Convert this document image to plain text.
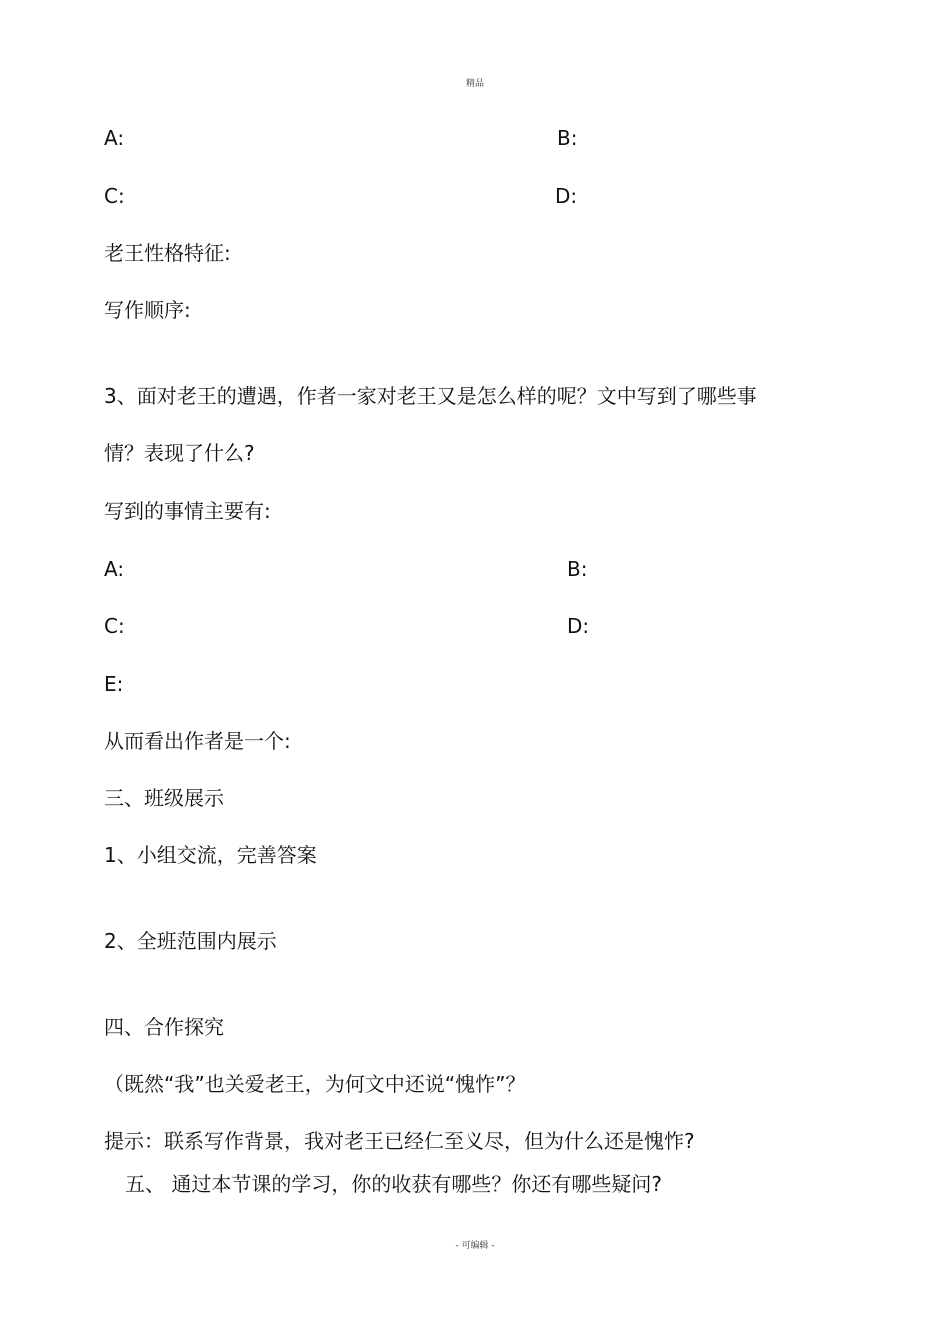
精品
A:	B:
C:	D:
老王性格特征:
写作顺序:
3、面对老王的遭遇，作者一家对老王又是怎么样的呢？文中写到了哪些事
情？表现了什么?
写到的事情主要有:
A:	B:
C:	D:
E:
从而看出作者是一个:
三、班级展示
1、小组交流，完善答案
2、全班范围内展示
四、合作探究
（既然“我”也关爱老王，为何文中还说“愧怍”？
提示：联系写作背景，我对老王已经仁至义尽，但为什么还是愧怍?
五、 通过本节课的学习，你的收获有哪些？你还有哪些疑问?
- 可编辑 -
